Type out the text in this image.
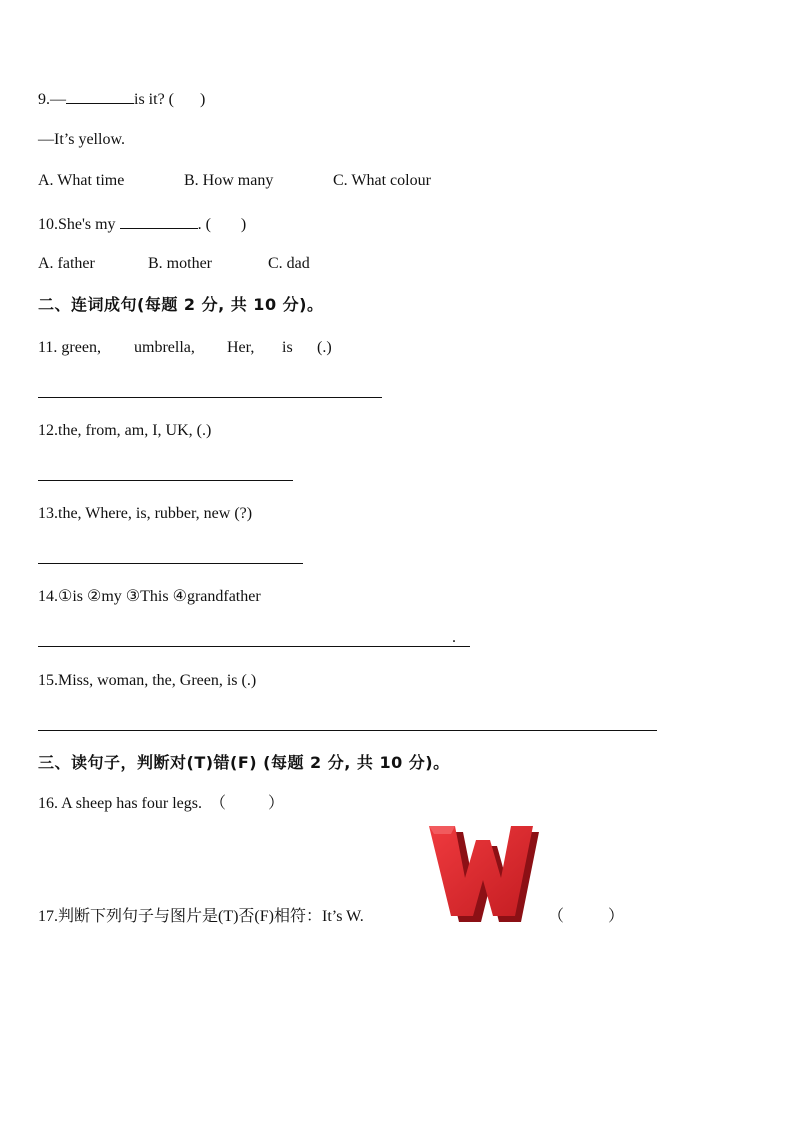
9.—	is it? ( )
—It’s yellow.
A. What time	B. How many	C. What colour
10.She's my	. ( )
A. father	B. mother	C. dad
二、连词成句(每题 2 分, 共 10 分)。
11. green, umbrella, Her, is (.)
12.the, from, am, I, UK, (.)
13.the, Where, is, rubber, new (?)
14.①is ②my ③This ④grandfather
.
15.Miss, woman, the, Green, is (.)
三、读句子，判断对(T)错(F) (每题 2 分, 共 10 分)。
16. A sheep has four legs. （	）
17.判断下列句子与图片是(T)否(F)相符：It’s W.	（	）
